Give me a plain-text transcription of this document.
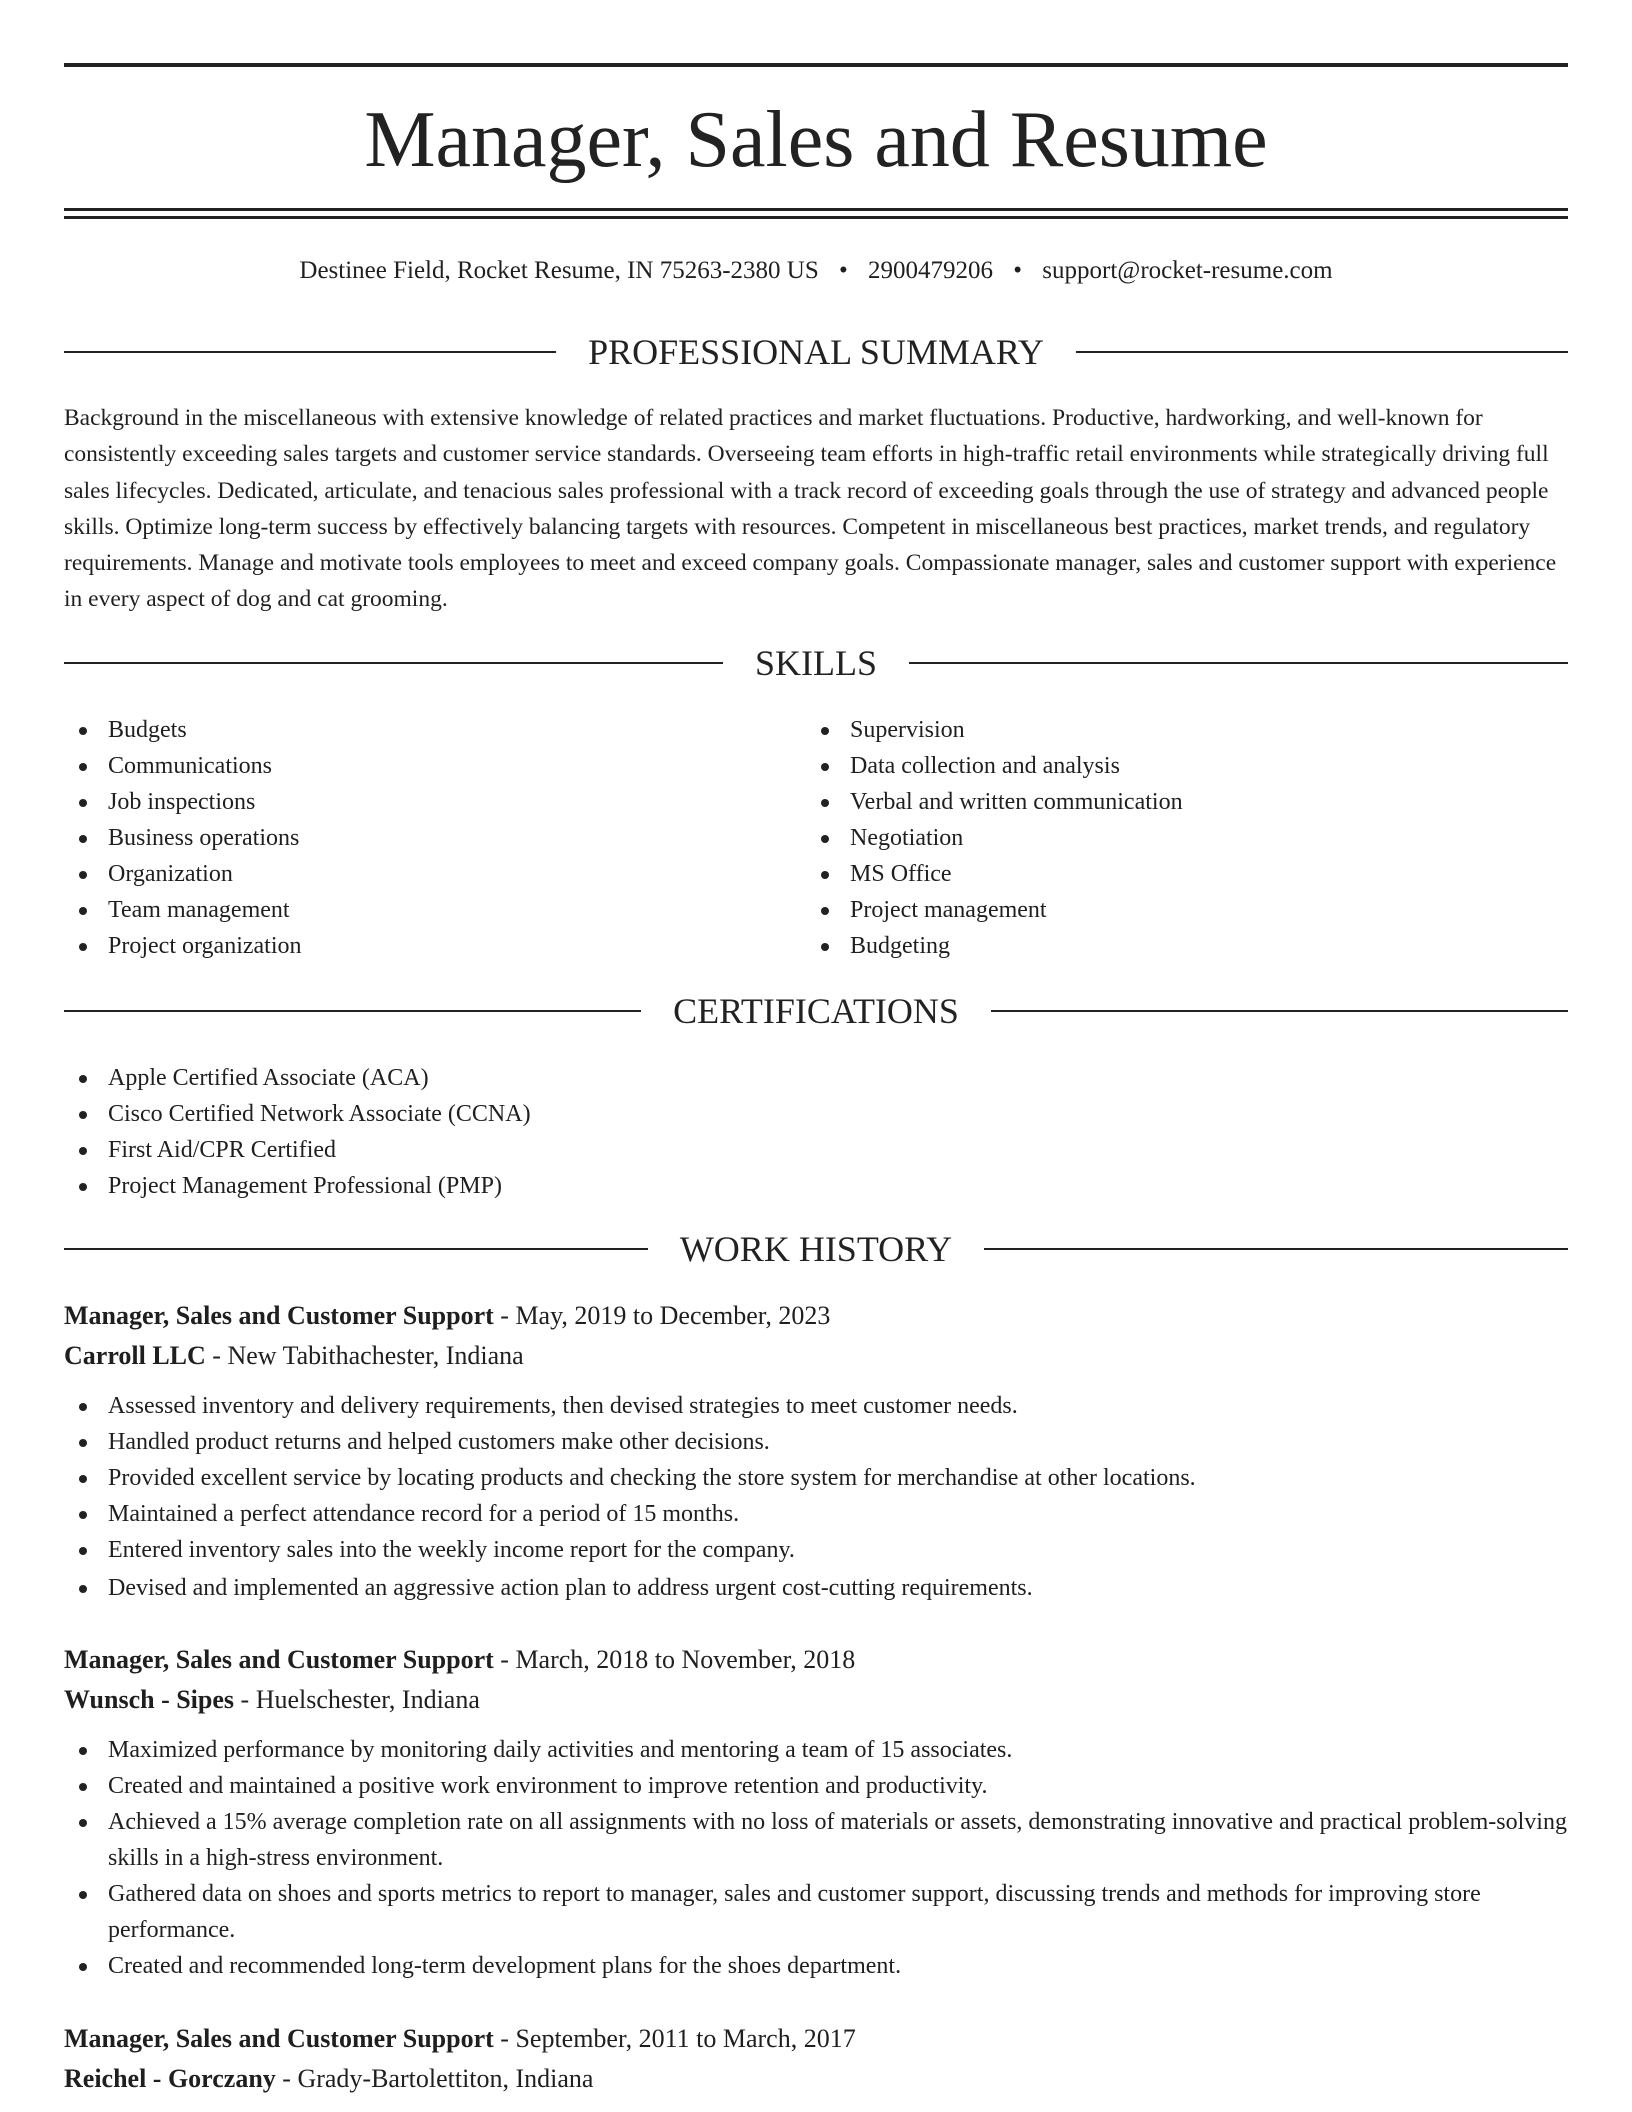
Manager, Sales and Resume
Destinee Field, Rocket Resume, IN 75263-2380 US • 2900479206 • support@rocket-resume.com
PROFESSIONAL SUMMARY

Background in the miscellaneous with extensive knowledge of related practices and market fluctuations. Productive, hardworking, and well-known for consistently exceeding sales targets and customer service standards. Overseeing team efforts in high-traffic retail environments while strategically driving full sales lifecycles. Dedicated, articulate, and tenacious sales professional with a track record of exceeding goals through the use of strategy and advanced people skills. Optimize long-term success by effectively balancing targets with resources. Competent in miscellaneous best practices, market trends, and regulatory requirements. Manage and motivate tools employees to meet and exceed company goals. Compassionate manager, sales and customer support with experience in every aspect of dog and cat grooming.

SKILLS
Budgets
Communications
Job inspections
Business operations
Organization
Team management
Project organization
Supervision
Data collection and analysis
Verbal and written communication
Negotiation
MS Office
Project management
Budgeting
CERTIFICATIONS
Apple Certified Associate (ACA)
Cisco Certified Network Associate (CCNA)
First Aid/CPR Certified
Project Management Professional (PMP)
WORK HISTORY
Manager, Sales and Customer Support - May, 2019 to December, 2023
Carroll LLC - New Tabithachester, Indiana
Assessed inventory and delivery requirements, then devised strategies to meet customer needs.
Handled product returns and helped customers make other decisions.
Provided excellent service by locating products and checking the store system for merchandise at other locations.
Maintained a perfect attendance record for a period of 15 months.
Entered inventory sales into the weekly income report for the company.
Devised and implemented an aggressive action plan to address urgent cost-cutting requirements.
Manager, Sales and Customer Support - March, 2018 to November, 2018
Wunsch - Sipes - Huelschester, Indiana
Maximized performance by monitoring daily activities and mentoring a team of 15 associates.
Created and maintained a positive work environment to improve retention and productivity.
Achieved a 15% average completion rate on all assignments with no loss of materials or assets, demonstrating innovative and practical problem-solving skills in a high-stress environment.
Gathered data on shoes and sports metrics to report to manager, sales and customer support, discussing trends and methods for improving store performance.
Created and recommended long-term development plans for the shoes department.
Manager, Sales and Customer Support - September, 2011 to March, 2017
Reichel - Gorczany - Grady-Bartolettiton, Indiana
